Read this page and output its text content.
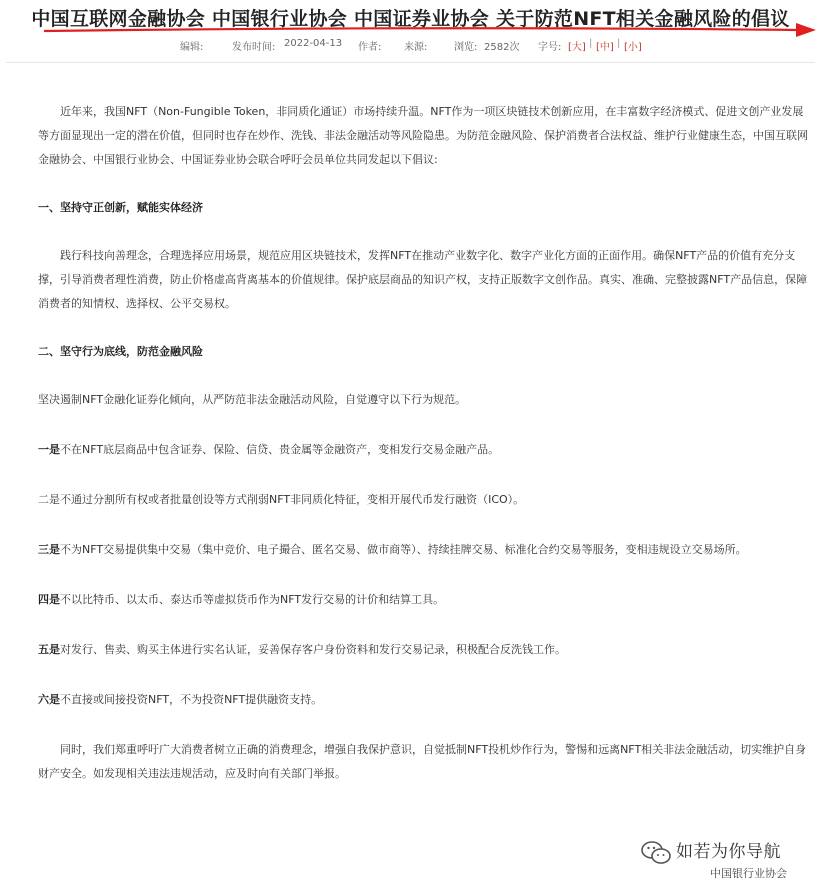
中国互联网金融协会 中国银行业协会 中国证券业协会 关于防范NFT相关金融风险的倡议
编辑:	发布时间: 2022-04-13 作者: 来源:	浏览: 2582次 字号: [大] | [中] | [小]

近年来，我国NFT（Non-Fungible Token，非同质化通证）市场持续升温。NFT作为一项区块链技术创新应用，在丰富数字经济模式、促进文创产业发展等方面显现出一定的潜在价值，但同时也存在炒作、洗钱、非法金融活动等风险隐患。为防范金融风险、保护消费者合法权益、维护行业健康生态，中国互联网金融协会、中国银行业协会、中国证券业协会联合呼吁会员单位共同发起以下倡议:

一、坚持守正创新，赋能实体经济

践行科技向善理念，合理选择应用场景，规范应用区块链技术，发挥NFT在推动产业数字化、数字产业化方面的正面作用。确保NFT产品的价值有充分支撑，引导消费者理性消费，防止价格虚高背离基本的价值规律。保护底层商品的知识产权，支持正版数字文创作品。真实、准确、完整披露NFT产品信息，保障消费者的知情权、选择权、公平交易权。

二、坚守行为底线，防范金融风险

坚决遏制NFT金融化证券化倾向，从严防范非法金融活动风险，自觉遵守以下行为规范。

一是不在NFT底层商品中包含证券、保险、信贷、贵金属等金融资产，变相发行交易金融产品。

二是不通过分割所有权或者批量创设等方式削弱NFT非同质化特征，变相开展代币发行融资（ICO）。

三是不为NFT交易提供集中交易（集中竞价、电子撮合、匿名交易、做市商等）、持续挂牌交易、标准化合约交易等服务，变相违规设立交易场所。

四是不以比特币、以太币、泰达币等虚拟货币作为NFT发行交易的计价和结算工具。

五是对发行、售卖、购买主体进行实名认证，妥善保存客户身份资料和发行交易记录，积极配合反洗钱工作。

六是不直接或间接投资NFT，不为投资NFT提供融资支持。

同时，我们郑重呼吁广大消费者树立正确的消费理念，增强自我保护意识，自觉抵制NFT投机炒作行为，警惕和远离NFT相关非法金融活动，切实维护自身财产安全。如发现相关违法违规活动，应及时向有关部门举报。

如若为你导航
中国银行业协会
